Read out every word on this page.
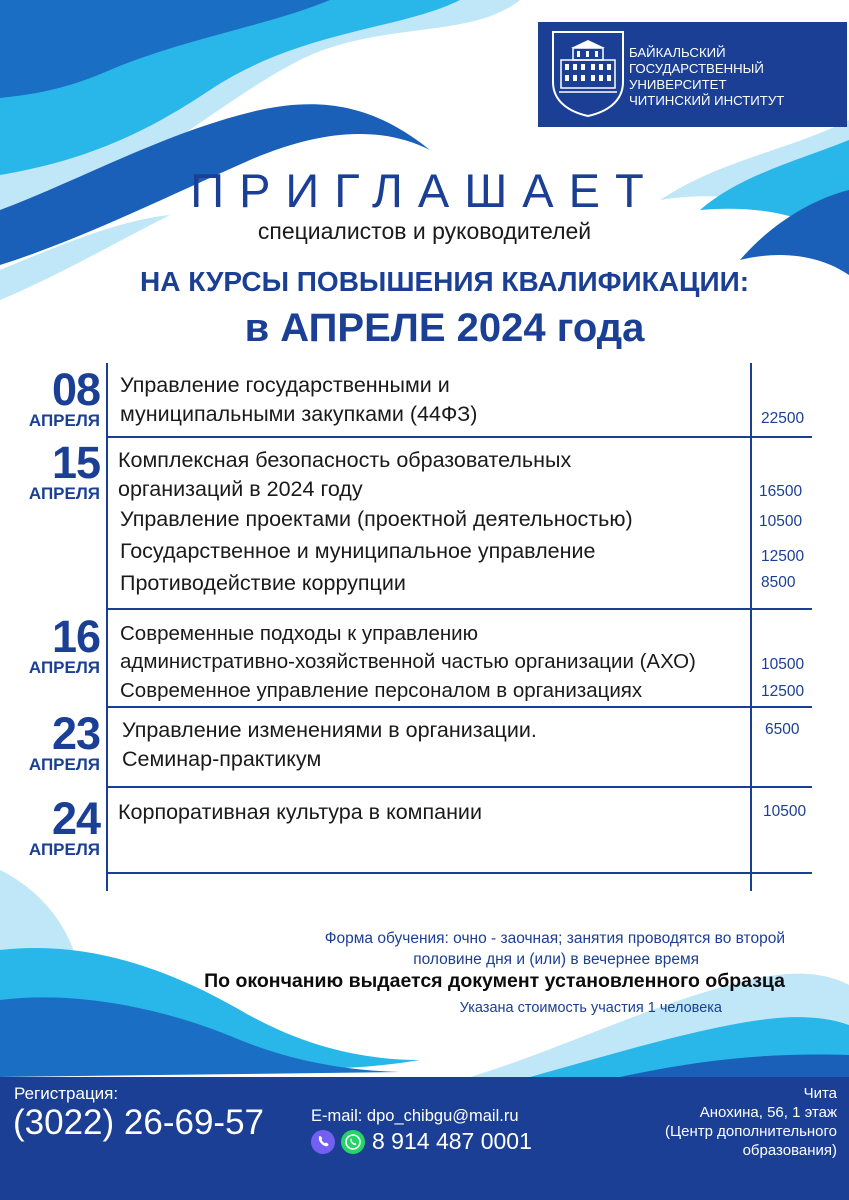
БАЙКАЛЬСКИЙ
ГОСУДАРСТВЕННЫЙ
УНИВЕРСИТЕТ
ЧИТИНСКИЙ ИНСТИТУТ
ПРИГЛАШАЕТ
специалистов и руководителей
НА КУРСЫ ПОВЫШЕНИЯ КВАЛИФИКАЦИИ:
в АПРЕЛЕ 2024 года
08
АПРЕЛЯ
Управление государственными и
муниципальными закупками (44ФЗ)	22500
15
АПРЕЛЯ
Комплексная безопасность образовательных
организаций в 2024 году	16500
Управление проектами (проектной деятельностью)	10500
Государственное и муниципальное управление	12500
Противодействие коррупции	8500
16
АПРЕЛЯ
Современные подходы к управлению
административно-хозяйственной частью организации (АХО)	10500
Современное управление персоналом в организациях	12500
23
АПРЕЛЯ
Управление изменениями в организации.
Семинар-практикум
6500
24
АПРЕЛЯ
Корпоративная культура в компании	10500
Форма обучения: очно - заочная; занятия проводятся во второй
половине дня и (или) в вечернее время
По окончанию выдается документ установленного образца
Указана стоимость участия 1 человека
Регистрация:
(3022) 26-69-57	E-mail: dpo_chibgu@mail.ru
8 914 487 0001
Чита
Анохина, 56, 1 этаж
(Центр дополнительного
образования)
